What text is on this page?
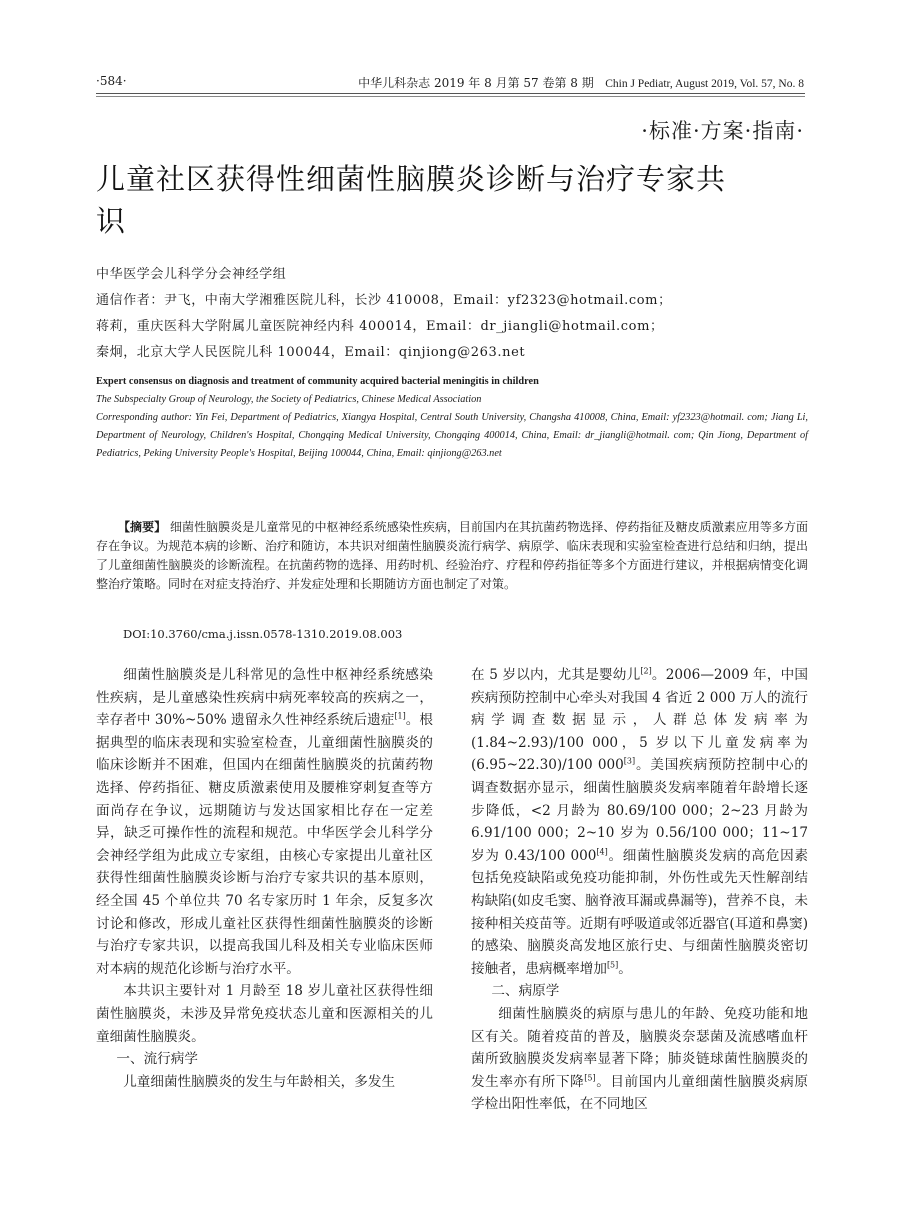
·584·	中华儿科杂志 2019 年 8 月第 57 卷第 8 期 Chin J Pediatr, August 2019, Vol. 57, No. 8
·标准·方案·指南·
儿童社区获得性细菌性脑膜炎诊断与治疗专家共识
中华医学会儿科学分会神经学组
通信作者：尹飞，中南大学湘雅医院儿科，长沙 410008，Email：yf2323@hotmail.com；
蒋莉，重庆医科大学附属儿童医院神经内科 400014，Email：dr_jiangli@hotmail.com；
秦炯，北京大学人民医院儿科 100044，Email：qinjiong@263.net
Expert consensus on diagnosis and treatment of community acquired bacterial meningitis in children
The Subspecialty Group of Neurology, the Society of Pediatrics, Chinese Medical Association
Corresponding author: Yin Fei, Department of Pediatrics, Xiangya Hospital, Central South University, Changsha 410008, China, Email: yf2323@hotmail. com; Jiang Li, Department of Neurology, Children's Hospital, Chongqing Medical University, Chongqing 400014, China, Email: dr_jiangli@hotmail. com; Qin Jiong, Department of Pediatrics, Peking University People's Hospital, Beijing 100044, China, Email: qinjiong@263.net
【摘要】 细菌性脑膜炎是儿童常见的中枢神经系统感染性疾病，目前国内在其抗菌药物选择、停药指征及糖皮质激素应用等多方面存在争议。为规范本病的诊断、治疗和随访，本共识对细菌性脑膜炎流行病学、病原学、临床表现和实验室检查进行总结和归纳，提出了儿童细菌性脑膜炎的诊断流程。在抗菌药物的选择、用药时机、经验治疗、疗程和停药指征等多个方面进行建议，并根据病情变化调整治疗策略。同时在对症支持治疗、并发症处理和长期随访方面也制定了对策。
DOI:10.3760/cma.j.issn.0578-1310.2019.08.003

细菌性脑膜炎是儿科常见的急性中枢神经系统感染性疾病，是儿童感染性疾病中病死率较高的疾病之一，幸存者中 30%~50% 遗留永久性神经系统后遗症[1]。根据典型的临床表现和实验室检查，儿童细菌性脑膜炎的临床诊断并不困难，但国内在细菌性脑膜炎的抗菌药物选择、停药指征、糖皮质激素使用及腰椎穿刺复查等方面尚存在争议，远期随访与发达国家相比存在一定差异，缺乏可操作性的流程和规范。中华医学会儿科学分会神经学组为此成立专家组，由核心专家提出儿童社区获得性细菌性脑膜炎诊断与治疗专家共识的基本原则，经全国 45 个单位共 70 名专家历时 1 年余，反复多次讨论和修改，形成儿童社区获得性细菌性脑膜炎的诊断与治疗专家共识，以提高我国儿科及相关专业临床医师对本病的规范化诊断与治疗水平。

本共识主要针对 1 月龄至 18 岁儿童社区获得性细菌性脑膜炎，未涉及异常免疫状态儿童和医源相关的儿童细菌性脑膜炎。

一、流行病学

儿童细菌性脑膜炎的发生与年龄相关，多发生

在 5 岁以内，尤其是婴幼儿[2]。2006—2009 年，中国疾病预防控制中心牵头对我国 4 省近 2 000 万人的流行病学调查数据显示，人群总体发病率为(1.84~2.93)/100 000，5 岁以下儿童发病率为(6.95~22.30)/100 000[3]。美国疾病预防控制中心的调查数据亦显示，细菌性脑膜炎发病率随着年龄增长逐步降低，<2 月龄为 80.69/100 000；2~23 月龄为 6.91/100 000；2~10 岁为 0.56/100 000；11~17 岁为 0.43/100 000[4]。细菌性脑膜炎发病的高危因素包括免疫缺陷或免疫功能抑制，外伤性或先天性解剖结构缺陷(如皮毛窦、脑脊液耳漏或鼻漏等)，营养不良，未接种相关疫苗等。近期有呼吸道或邻近器官(耳道和鼻窦)的感染、脑膜炎高发地区旅行史、与细菌性脑膜炎密切接触者，患病概率增加[5]。

二、病原学

细菌性脑膜炎的病原与患儿的年龄、免疫功能和地区有关。随着疫苗的普及，脑膜炎奈瑟菌及流感嗜血杆菌所致脑膜炎发病率显著下降；肺炎链球菌性脑膜炎的发生率亦有所下降[5]。目前国内儿童细菌性脑膜炎病原学检出阳性率低，在不同地区
